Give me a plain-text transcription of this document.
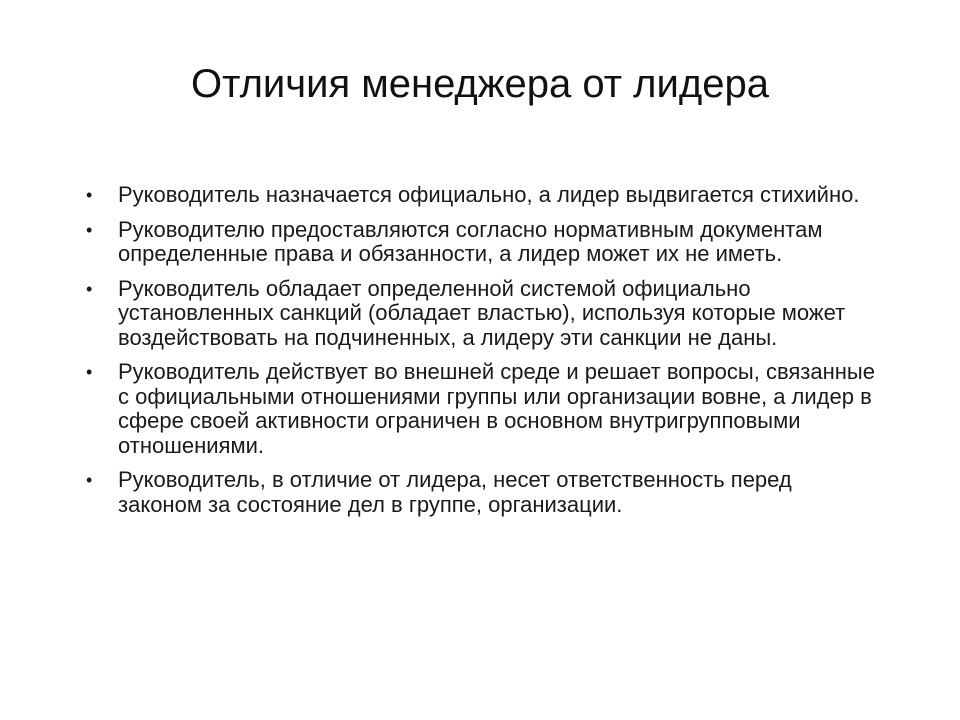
Отличия менеджера от лидера
• Руководитель назначается официально, а лидер выдвигается стихийно.
• Руководителю предоставляются согласно нормативным документам определенные права и обязанности, а лидер может их не иметь.
• Руководитель обладает определенной системой официально установленных санкций (обладает властью), используя которые может воздействовать на подчиненных, а лидеру эти санкции не даны.
• Руководитель действует во внешней среде и решает вопросы, связанные с официальными отношениями группы или организации вовне, а лидер в сфере своей активности ограничен в основном внутригрупповыми отношениями.
• Руководитель, в отличие от лидера, несет ответственность перед законом за состояние дел в группе, организации.
